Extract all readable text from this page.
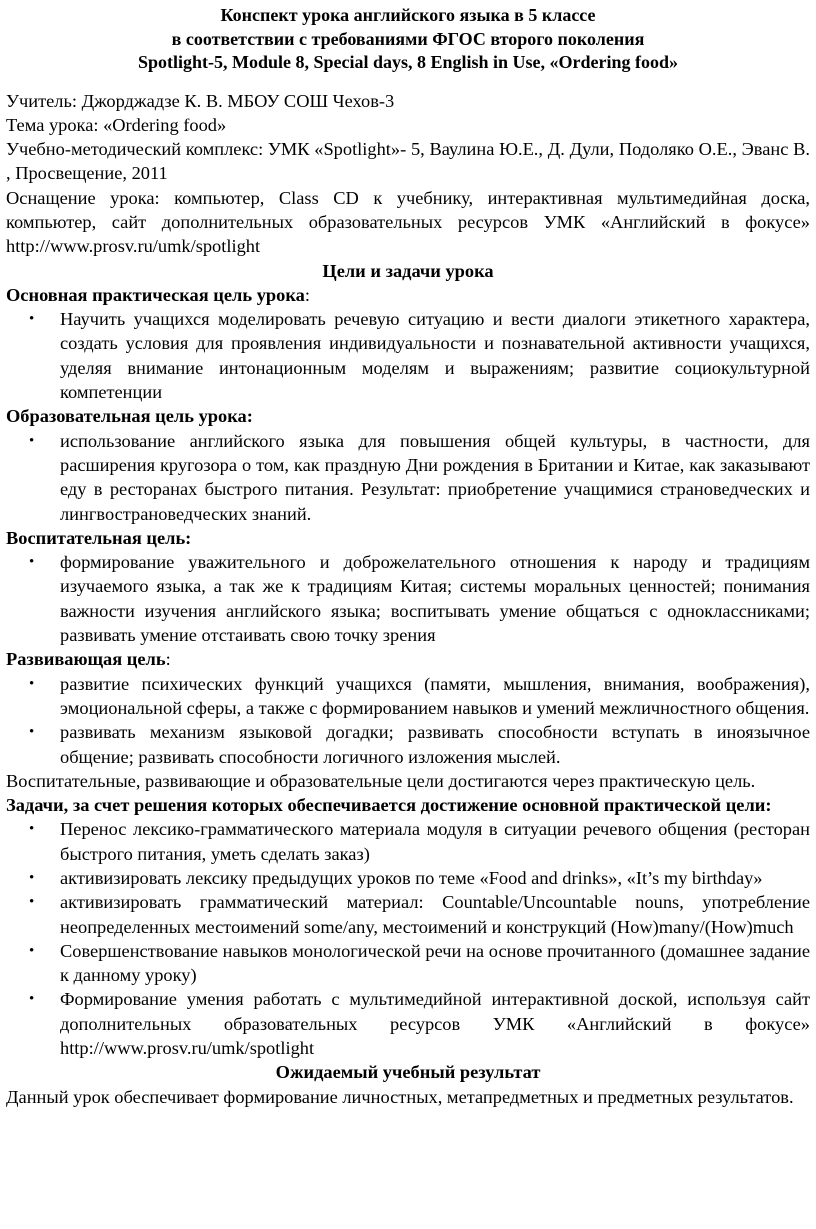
Конспект урока английского языка в 5 классе
в соответствии с требованиями ФГОС второго поколения
Spotlight-5, Module 8, Special days, 8 English in Use, «Ordering food»

Учитель: Джорджадзе К. В. МБОУ СОШ Чехов-3

Тема урока: «Ordering food»

Учебно-методический комплекс: УМК «Spotlight»- 5, Ваулина Ю.Е., Д. Дули, Подоляко О.Е., Эванс В. , Просвещение, 2011

Оснащение урока: компьютер, Class CD к учебнику, интерактивная мультимедийная доска, компьютер, сайт дополнительных образовательных ресурсов УМК «Английский в фокусе» http://www.prosv.ru/umk/spotlight

Цели и задачи урока
Основная практическая цель урока:
• Научить учащихся моделировать речевую ситуацию и вести диалоги этикетного характера, создать условия для проявления индивидуальности и познавательной активности учащихся, уделяя внимание интонационным моделям и выражениям; развитие социокультурной компетенции
Образовательная цель урока:
• использование английского языка для повышения общей культуры, в частности, для расширения кругозора о том, как праздную Дни рождения в Британии и Китае, как заказывают еду в ресторанах быстрого питания. Результат: приобретение учащимися страноведческих и лингвострановедческих знаний.
Воспитательная цель:
• формирование уважительного и доброжелательного отношения к народу и традициям изучаемого языка, а так же к традициям Китая; системы моральных ценностей; понимания важности изучения английского языка; воспитывать умение общаться с одноклассниками; развивать умение отстаивать свою точку зрения
Развивающая цель:
• развитие психических функций учащихся (памяти, мышления, внимания, воображения), эмоциональной сферы, а также с формированием навыков и умений межличностного общения.
• развивать механизм языковой догадки; развивать способности вступать в иноязычное общение; развивать способности логичного изложения мыслей.

Воспитательные, развивающие и образовательные цели достигаются через практическую цель.

Задачи, за счет решения которых обеспечивается достижение основной практической цели:
• Перенос лексико-грамматического материала модуля в ситуации речевого общения (ресторан быстрого питания, уметь сделать заказ)
• активизировать лексику предыдущих уроков по теме «Food and drinks», «It’s my birthday»
• активизировать грамматический материал: Countable/Uncountable nouns, употребление неопределенных местоимений some/any, местоимений и конструкций (How)many/(How)much
• Совершенствование навыков монологической речи на основе прочитанного (домашнее задание к данному уроку)
• Формирование умения работать с мультимедийной интерактивной доской, используя сайт дополнительных образовательных ресурсов УМК «Английский в фокусе» http://www.prosv.ru/umk/spotlight
Ожидаемый учебный результат

Данный урок обеспечивает формирование личностных, метапредметных и предметных результатов.
